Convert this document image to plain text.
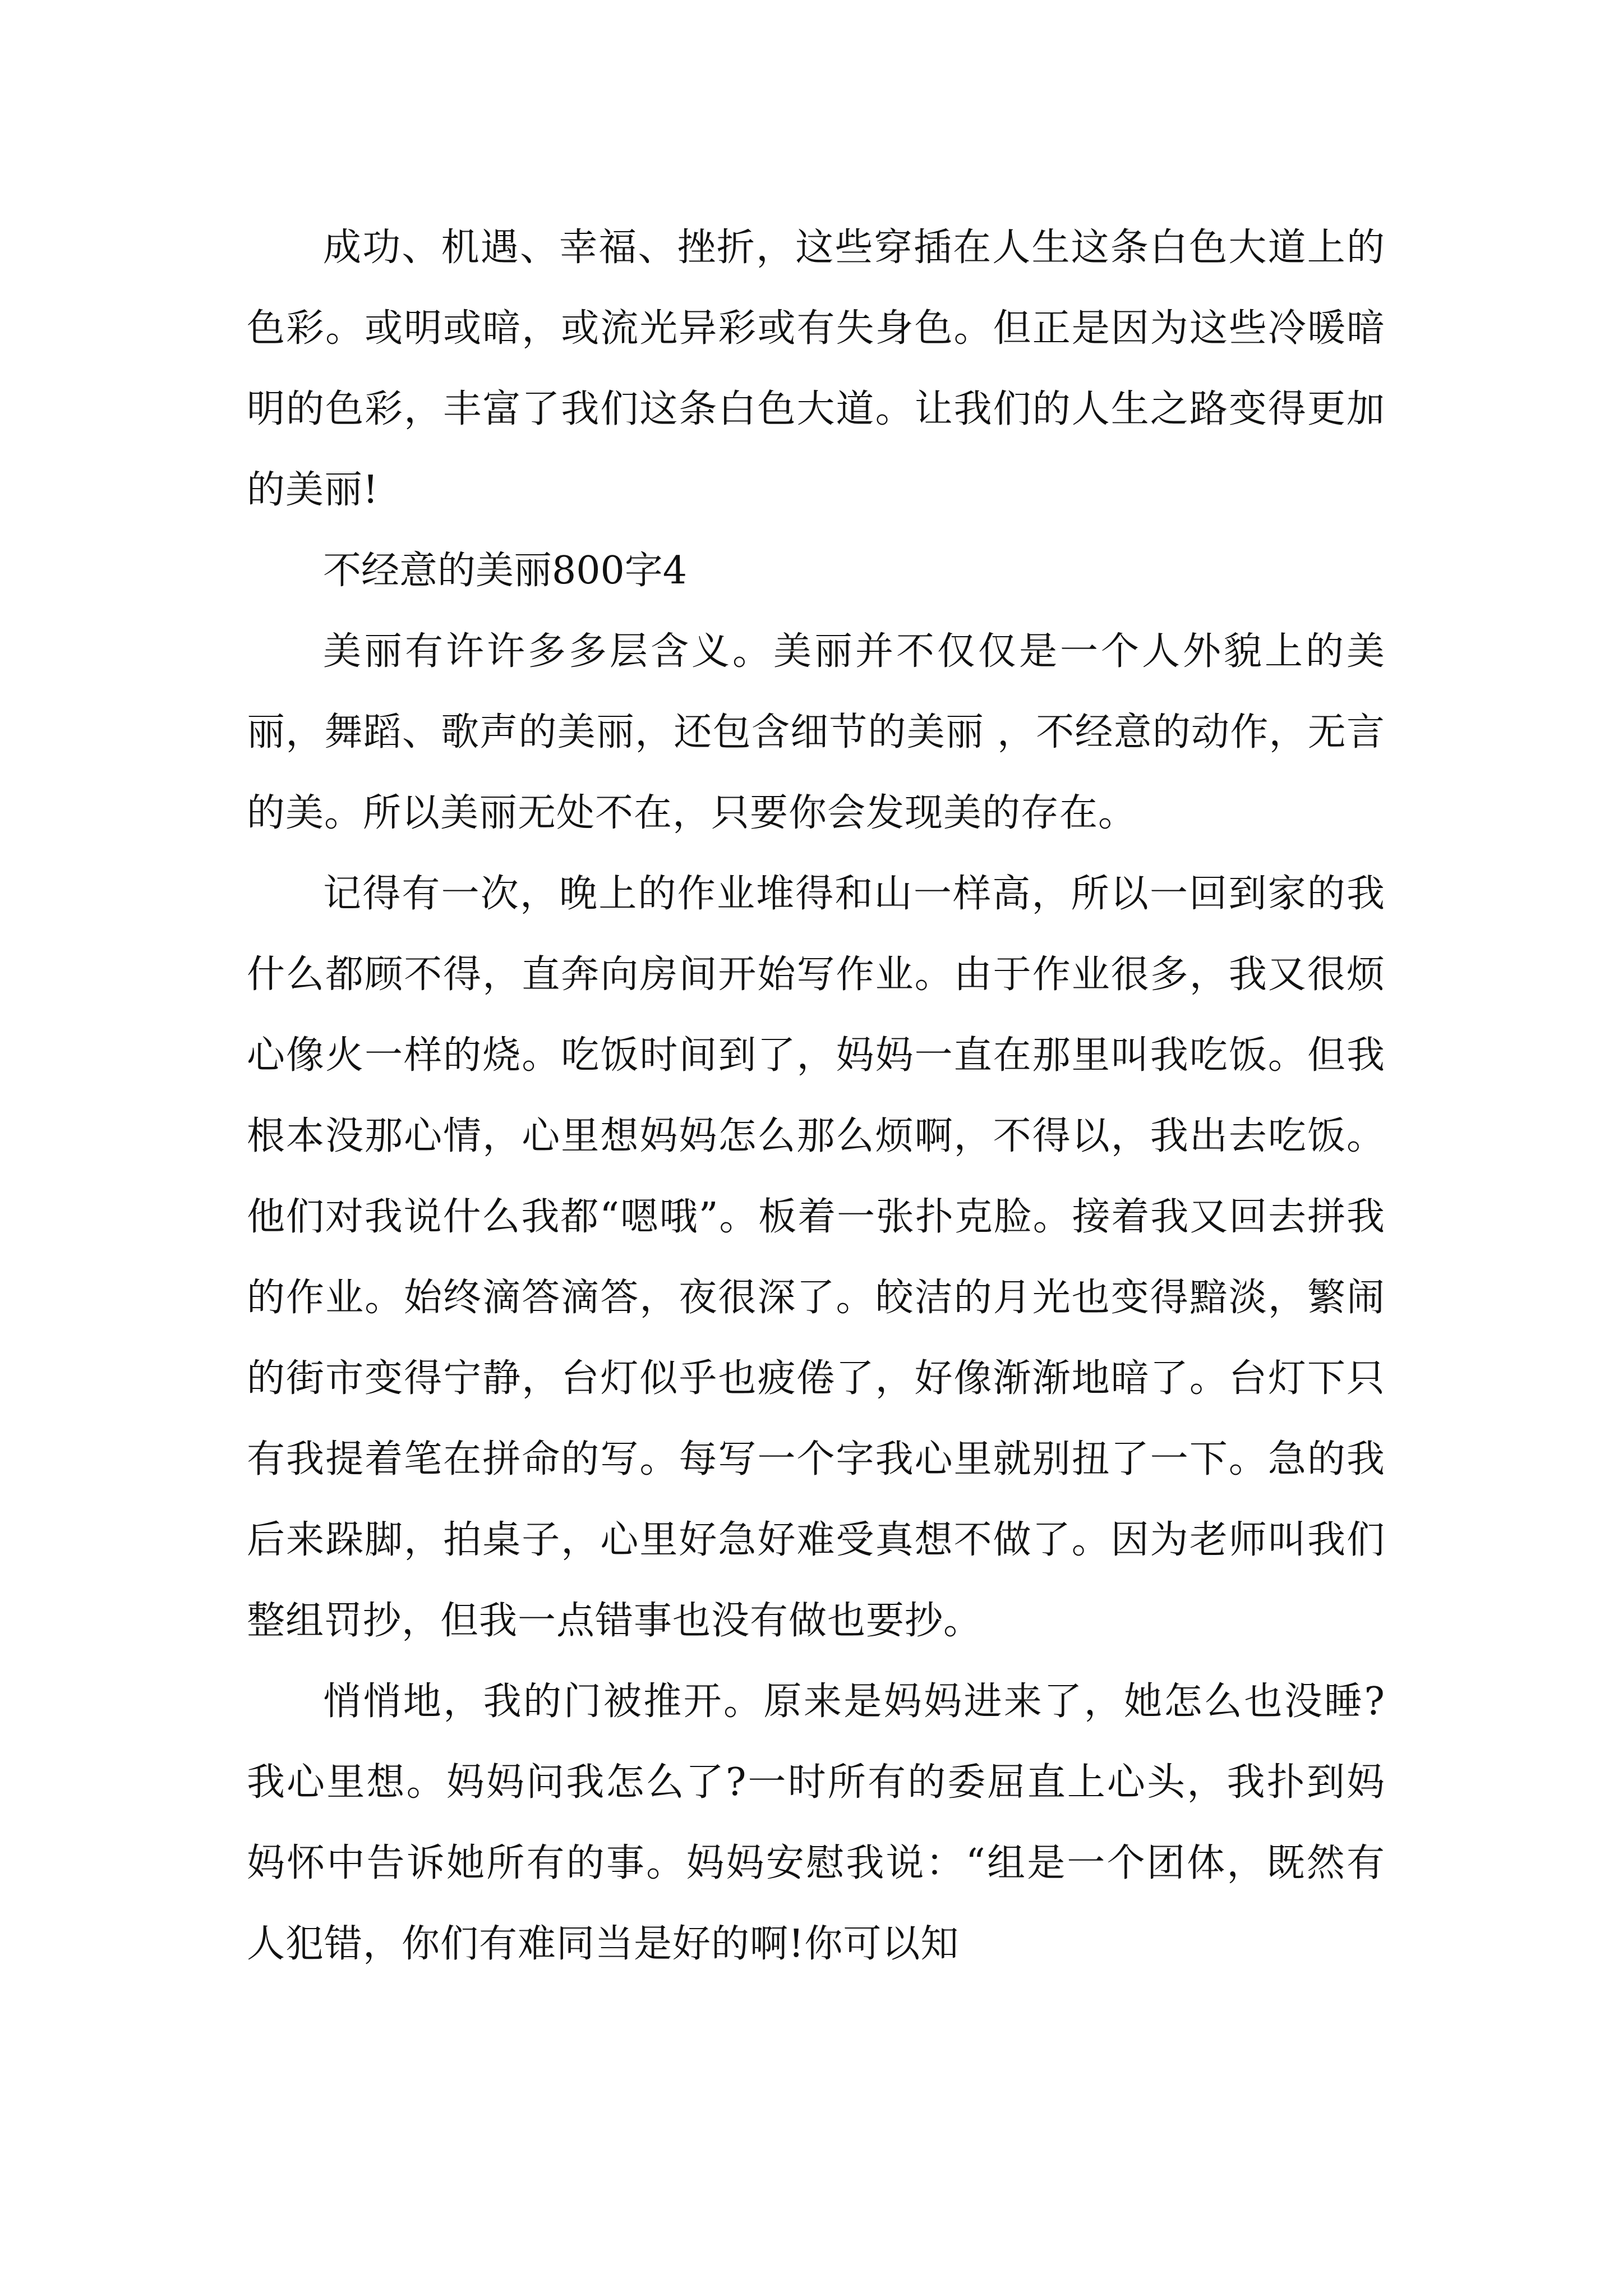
成功、机遇、幸福、挫折，这些穿插在人生这条白色大道上的色彩。或明或暗，或流光异彩或有失身色。但正是因为这些冷暖暗明的色彩，丰富了我们这条白色大道。让我们的人生之路变得更加的美丽!

不经意的美丽800字4

美丽有许许多多层含义。美丽并不仅仅是一个人外貌上的美丽，舞蹈、歌声的美丽，还包含细节的美丽 ，不经意的动作，无言的美。所以美丽无处不在，只要你会发现美的存在。

记得有一次，晚上的作业堆得和山一样高，所以一回到家的我什么都顾不得，直奔向房间开始写作业。由于作业很多，我又很烦心像火一样的烧。吃饭时间到了，妈妈一直在那里叫我吃饭。但我根本没那心情，心里想妈妈怎么那么烦啊，不得以，我出去吃饭。他们对我说什么我都“嗯哦”。板着一张扑克脸。接着我又回去拼我的作业。始终滴答滴答，夜很深了。皎洁的月光也变得黯淡，繁闹的街市变得宁静，台灯似乎也疲倦了，好像渐渐地暗了。台灯下只有我提着笔在拼命的写。每写一个字我心里就别扭了一下。急的我后来跺脚，拍桌子，心里好急好难受真想不做了。因为老师叫我们整组罚抄，但我一点错事也没有做也要抄。

悄悄地，我的门被推开。原来是妈妈进来了，她怎么也没睡?我心里想。妈妈问我怎么了?一时所有的委屈直上心头，我扑到妈妈怀中告诉她所有的事。妈妈安慰我说：“组是一个团体，既然有人犯错，你们有难同当是好的啊!你可以知
